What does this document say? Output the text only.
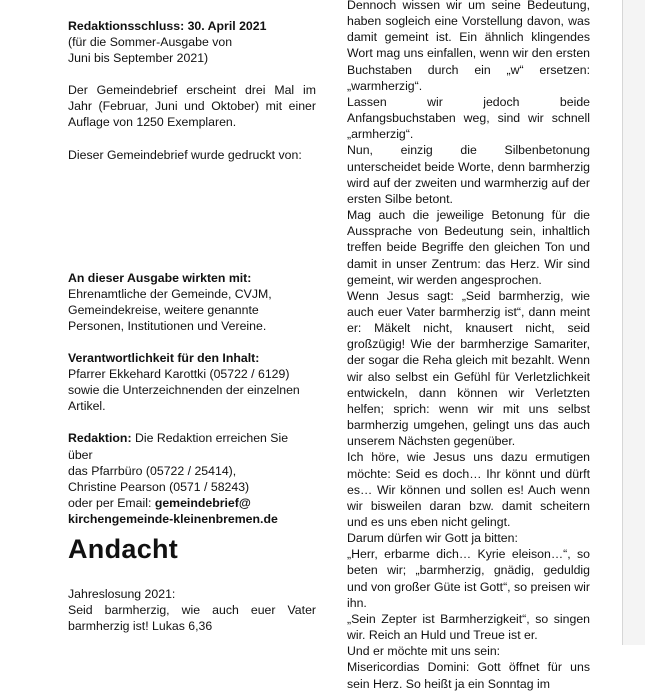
Redaktionsschluss: 30. April 2021
(für die Sommer-Ausgabe von
Juni bis September 2021)
Der Gemeindebrief erscheint drei Mal im Jahr (Februar, Juni und Oktober) mit einer Auflage von 1250 Exemplaren.
Dieser Gemeindebrief wurde gedruckt von:
An dieser Ausgabe wirkten mit:
Ehrenamtliche der Gemeinde, CVJM,
Gemeindekreise, weitere genannte
Personen, Institutionen und Vereine.
Verantwortlichkeit für den Inhalt:
Pfarrer Ekkehard Karottki (05722 / 6129)
sowie die Unterzeichnenden der einzelnen
Artikel.
Redaktion: Die Redaktion erreichen Sie über
das Pfarrbüro (05722 / 25414),
Christine Pearson (0571 / 58243)
oder per Email: gemeindebrief@
kirchengemeinde-kleinenbremen.de
Andacht
Jahreslosung 2021:
Seid barmherzig, wie auch euer Vater barmherzig ist! Lukas 6,36

Dennoch wissen wir um seine Bedeutung, haben sogleich eine Vorstellung davon, was damit gemeint ist. Ein ähnlich klingendes Wort mag uns einfallen, wenn wir den ersten Buchstaben durch ein „w“ ersetzen: „warmherzig“.

Lassen wir jedoch beide Anfangsbuchstaben weg, sind wir schnell „armherzig“.

Nun, einzig die Silbenbetonung unterscheidet beide Worte, denn barmherzig wird auf der zweiten und warmherzig auf der ersten Silbe betont.

Mag auch die jeweilige Betonung für die Aussprache von Bedeutung sein, inhaltlich treffen beide Begriffe den gleichen Ton und damit in unser Zentrum: das Herz. Wir sind gemeint, wir werden angesprochen.

Wenn Jesus sagt: „Seid barmherzig, wie auch euer Vater barmherzig ist“, dann meint er: Mäkelt nicht, knausert nicht, seid großzügig! Wie der barmherzige Samariter, der sogar die Reha gleich mit bezahlt. Wenn wir also selbst ein Gefühl für Verletzlichkeit entwickeln, dann können wir Verletzten helfen; sprich: wenn wir mit uns selbst barmherzig umgehen, gelingt uns das auch unserem Nächsten gegenüber.

Ich höre, wie Jesus uns dazu ermutigen möchte: Seid es doch… Ihr könnt und dürft es… Wir können und sollen es! Auch wenn wir bisweilen daran bzw. damit scheitern und es uns eben nicht gelingt.

Darum dürfen wir Gott ja bitten:

„Herr, erbarme dich… Kyrie eleison…“, so beten wir; „barmherzig, gnädig, geduldig und von großer Güte ist Gott“, so preisen wir ihn.

„Sein Zepter ist Barmherzigkeit“, so singen wir. Reich an Huld und Treue ist er.

Und er möchte mit uns sein:

Misericordias Domini: Gott öffnet für uns sein Herz. So heißt ja ein Sonntag im
